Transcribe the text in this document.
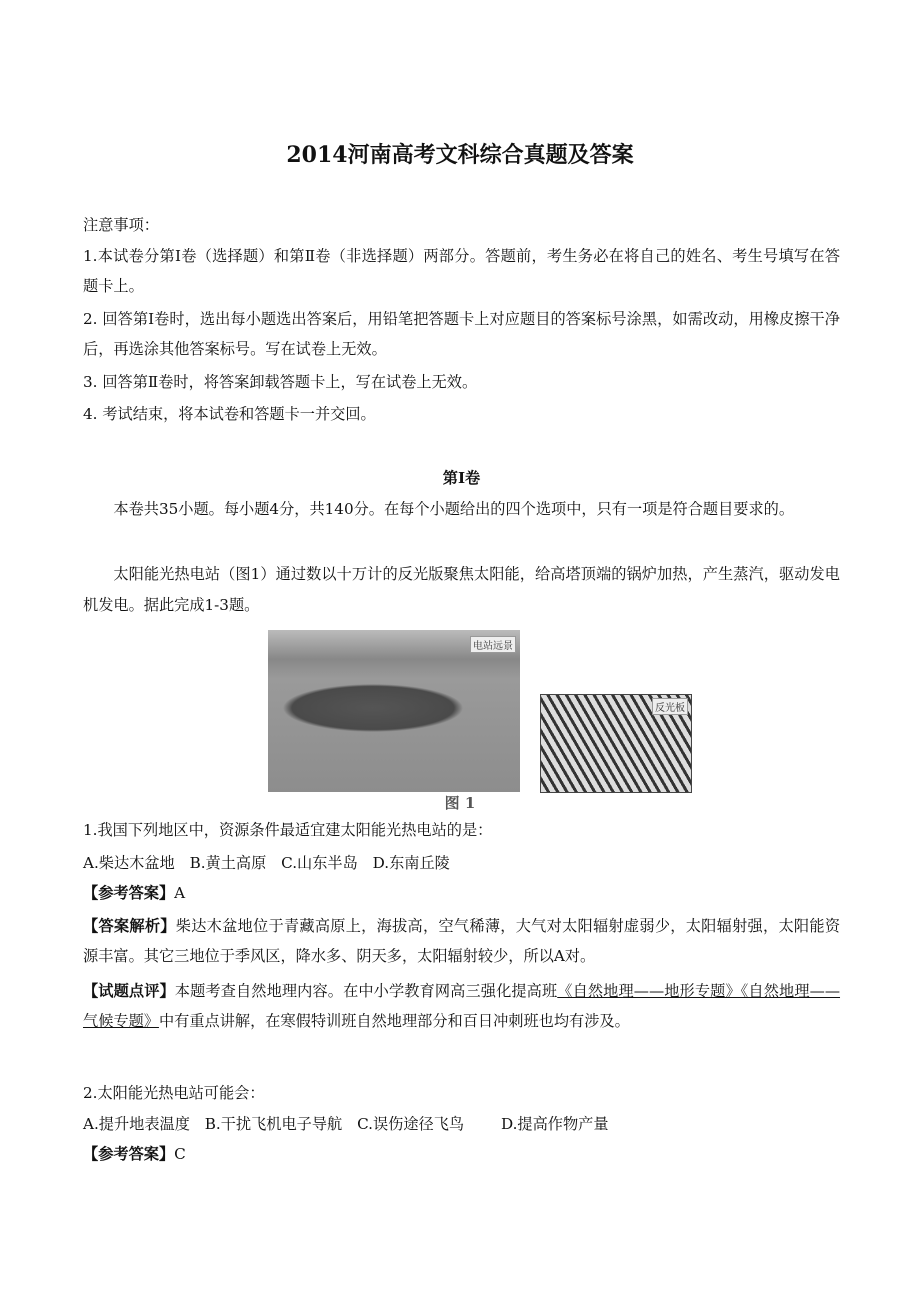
2014河南高考文科综合真题及答案
注意事项：
1.本试卷分第Ⅰ卷（选择题）和第Ⅱ卷（非选择题）两部分。答题前，考生务必在将自己的姓名、考生号填写在答题卡上。
2. 回答第Ⅰ卷时，选出每小题选出答案后，用铅笔把答题卡上对应题目的答案标号涂黑，如需改动，用橡皮擦干净后，再选涂其他答案标号。写在试卷上无效。
3. 回答第Ⅱ卷时，将答案卸载答题卡上，写在试卷上无效。
4. 考试结束，将本试卷和答题卡一并交回。
第Ⅰ卷
本卷共35小题。每小题4分，共140分。在每个小题给出的四个选项中，只有一项是符合题目要求的。
太阳能光热电站（图1）通过数以十万计的反光版聚焦太阳能，给高塔顶端的锅炉加热，产生蒸汽，驱动发电机发电。据此完成1-3题。
电站远景
反光板
图 1
1.我国下列地区中，资源条件最适宜建太阳能光热电站的是：
A.柴达木盆地 B.黄土高原 C.山东半岛 D.东南丘陵
【参考答案】A
【答案解析】柴达木盆地位于青藏高原上，海拔高，空气稀薄，大气对太阳辐射虚弱少，太阳辐射强，太阳能资源丰富。其它三地位于季风区，降水多、阴天多，太阳辐射较少，所以A对。
【试题点评】本题考查自然地理内容。在中小学教育网高三强化提高班《自然地理——地形专题》《自然地理——气候专题》中有重点讲解，在寒假特训班自然地理部分和百日冲刺班也均有涉及。
2.太阳能光热电站可能会：
A.提升地表温度 B.干扰飞机电子导航 C.误伤途径飞鸟 D.提高作物产量
【参考答案】C
